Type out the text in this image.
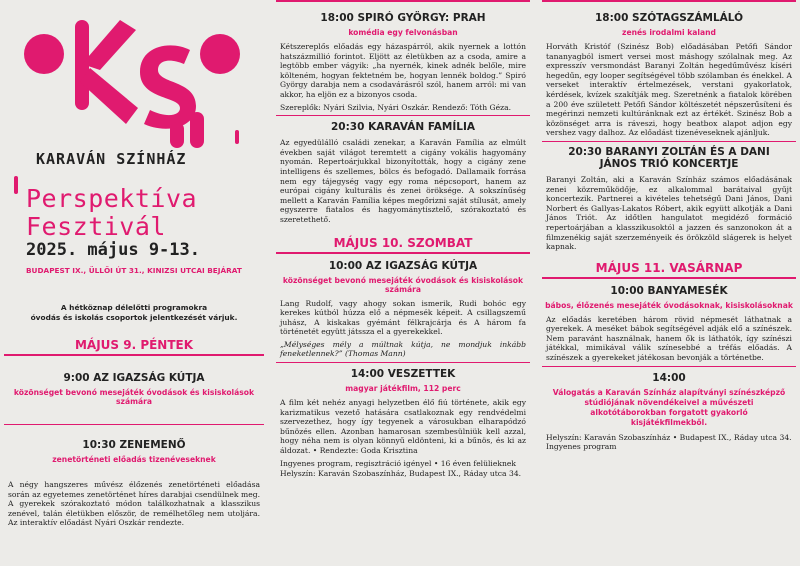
KARAVÁN SZÍNHÁZ
Perspektíva
Fesztivál
2025. május 9-13.
BUDAPEST IX., ÜLLŐI ÚT 31., KINIZSI UTCAI BEJÁRAT
A hétköznap délelőtti programokra
óvodás és iskolás csoportok jelentkezését várjuk.
MÁJUS 9. PÉNTEK
9:00 AZ IGAZSÁG KÚTJA
közönséget bevonó mesejáték óvodások és kisiskolások számára
10:30 ZENEMENŐ
zenetörténeti előadás tizenéveseknek
A négy hangszeres művész élőzenés zenetörténeti előadása során az egyetemes zenetörténet híres darabjai csendülnek meg. A gyerekek szórakoztató módon találkozhatnak a klasszikus zenével, talán életükben először, de remélhetőleg nem utoljára. Az interaktív előadást Nyári Oszkár rendezte.
18:00 SPIRÓ GYÖRGY: PRAH
komédia egy felvonásban
Kétszereplős előadás egy házaspárról, akik nyernek a lottón hatszázmillió forintot. Eljött az életükben az a csoda, amire a legtöbb ember vágyik: „ha nyernék, kinek adnék belőle, mire költeném, hogyan fektetném be, hogyan lennék boldog.” Spiró György darabja nem a csodavárásról szól, hanem arról: mi van akkor, ha eljön ez a bizonyos csoda.
Szereplők: Nyári Szilvia, Nyári Oszkár. Rendező: Tóth Géza.
20:30 KARAVÁN FAMÍLIA
Az egyedülálló családi zenekar, a Karaván Família az elmúlt években saját világot teremtett a cigány vokális hagyomány nyomán. Repertoárjukkal bizonyították, hogy a cigány zene intelligens és szellemes, bölcs és befogadó. Dallamaik forrása nem egy tájegység vagy egy roma népcsoport, hanem az európai cigány kulturális és zenei öröksége. A sokszínűség mellett a Karaván Família képes megőrizni saját stílusát, amely egyszerre fiatalos és hagyománytisztelő, szórakoztató és szeretethető.
MÁJUS 10. SZOMBAT
10:00 AZ IGAZSÁG KÚTJA
közönséget bevonó mesejáték óvodások és kisiskolások számára
Lang Rudolf, vagy ahogy sokan ismerik, Rudi bohóc egy kerekes kútból húzza elő a népmesék képeit. A csillagszemű juhász, A kiskakas gyémánt félkrajcárja és A három fa történetét együtt játssza el a gyerekekkel.
„Mélységes mély a múltnak kútja, ne mondjuk inkább feneketlennek?” (Thomas Mann)
14:00 VESZETTEK
magyar játékfilm, 112 perc
A film két nehéz anyagi helyzetben élő fiú története, akik egy karizmatikus vezető hatására csatlakoznak egy rendvédelmi szervezethez, hogy így tegyenek a városukban elharapódzó bűnözés ellen. Azonban hamarosan szembesülniük kell azzal, hogy néha nem is olyan könnyű eldönteni, ki a bűnös, és ki az áldozat. • Rendezte: Goda Krisztina
Ingyenes program, regisztráció igényel • 16 éven felülieknek
Helyszín: Karaván Szobaszínház, Budapest IX., Ráday utca 34.
18:00 SZÓTAGSZÁMLÁLÓ
zenés irodalmi kaland
Horváth Kristóf (Szinész Bob) előadásában Petőfi Sándor tananyagból ismert versei most máshogy szólalnak meg. Az expresszív versmondást Baranyi Zoltán hegedűművész kíséri hegedűn, egy looper segítségével több szólamban és énekkel. A verseket interaktív értelmezések, verstani gyakorlatok, kérdések, kvízek szakítják meg. Szeretnénk a fiatalok körében a 200 éve született Petőfi Sándor költészetét népszerűsíteni és megérinzi nemzeti kultúránknak ezt az értékét. Szinész Bob a közönséget arra is ráveszi, hogy beatbox alapot adjon egy vershez vagy dalhoz. Az előadást tizenéveseknek ajánljuk.
20:30 BARANYI ZOLTÁN ÉS A DANI JÁNOS TRIÓ KONCERTJE
Baranyi Zoltán, aki a Karaván Színház számos előadásának zenei közreműködője, ez alkalommal barátaival gyűjt koncertezik. Partnerei a kivételes tehetségű Dani János, Dani Norbert és Gallyas-Lakatos Róbert, akik együtt alkotják a Dani János Triót. Az időtlen hangulatot megidéző formáció repertoárjában a klasszikusoktól a jazzen és sanzonokon át a filmzenékig saját szerzeményeik és örökzöld slágerek is helyet kapnak.
MÁJUS 11. VASÁRNAP
10:00 BANYAMESÉK
bábos, élőzenés mesejáték óvodásoknak, kisiskolásoknak
Az előadás keretében három rövid népmesét láthatnak a gyerekek. A meséket bábok segítségével adják elő a színészek. Nem paravánt használnak, hanem ők is láthatók, így színészi játékkal, mimikával válik színesebbé a tréfás előadás. A színészek a gyerekeket játékosan bevonják a történetbe.
14:00
Válogatás a Karaván Színház alapítványi színészképző stúdiójának növendékeivel a művészeti alkotótáborokban forgatott gyakorló kisjátékfilmekből.
Helyszín: Karaván Szobaszínház • Budapest IX., Ráday utca 34.
Ingyenes program
